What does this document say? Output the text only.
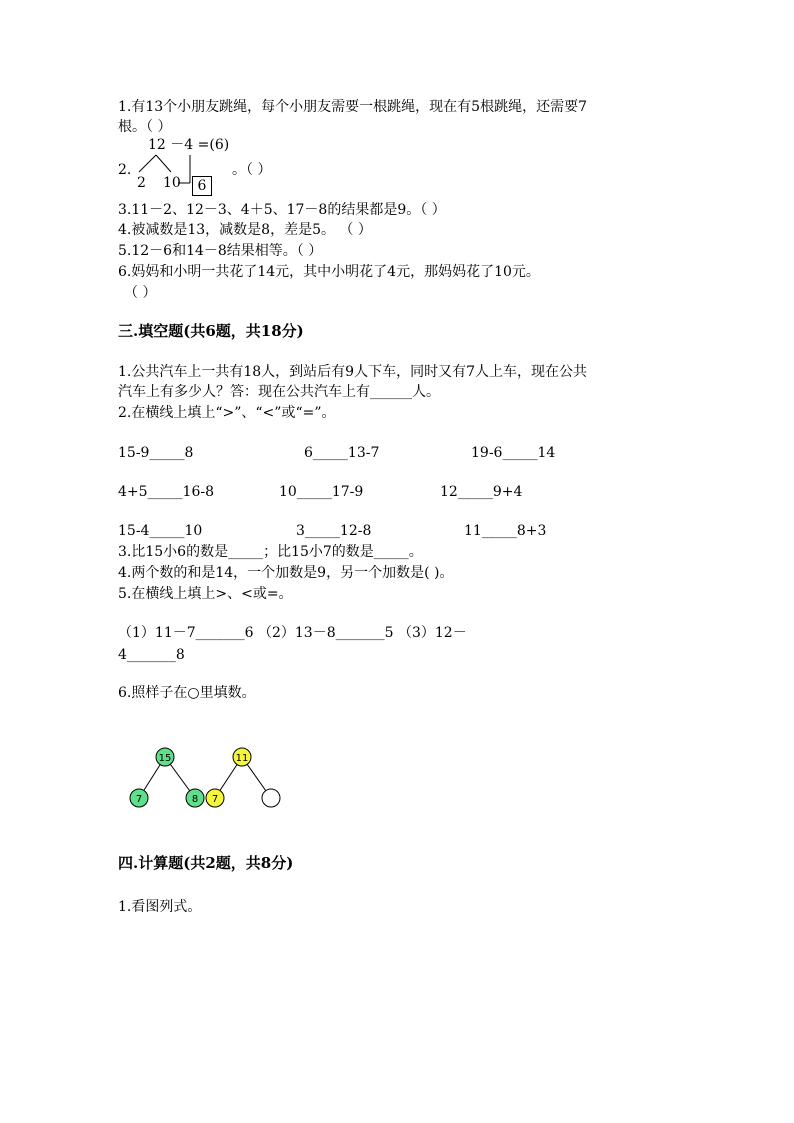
1.有13个小朋友跳绳，每个小朋友需要一根跳绳，现在有5根跳绳，还需要7
根。（ ）
12 －4 =(6)
2.
2 10	6
。（ ）
3.11－2、12－3、4＋5、17－8的结果都是9。（ ）
4.被减数是13，减数是8，差是5。 （ ）
5.12－6和14－8结果相等。（ ）
6.妈妈和小明一共花了14元，其中小明花了4元，那妈妈花了10元。
（ ）
三.填空题(共6题，共18分)
1.公共汽车上一共有18人，到站后有9人下车，同时又有7人上车，现在公共
汽车上有多少人？答：现在公共汽车上有______人。
2.在横线上填上“>”、“<”或“=”。
15-9_____8	6_____13-7	19-6_____14
4+5_____16-8	10_____17-9	12_____9+4
15-4_____10	3_____12-8	11_____8+3
3.比15小6的数是_____；比15小7的数是_____。
4.两个数的和是14，一个加数是9，另一个加数是( )。
5.在横线上填上>、<或=。
（1）11－7_______6 （2）13－8_______5 （3）12－
4_______8
6.照样子在○里填数。
15
7	8
11
7
四.计算题(共2题，共8分)
1.看图列式。
